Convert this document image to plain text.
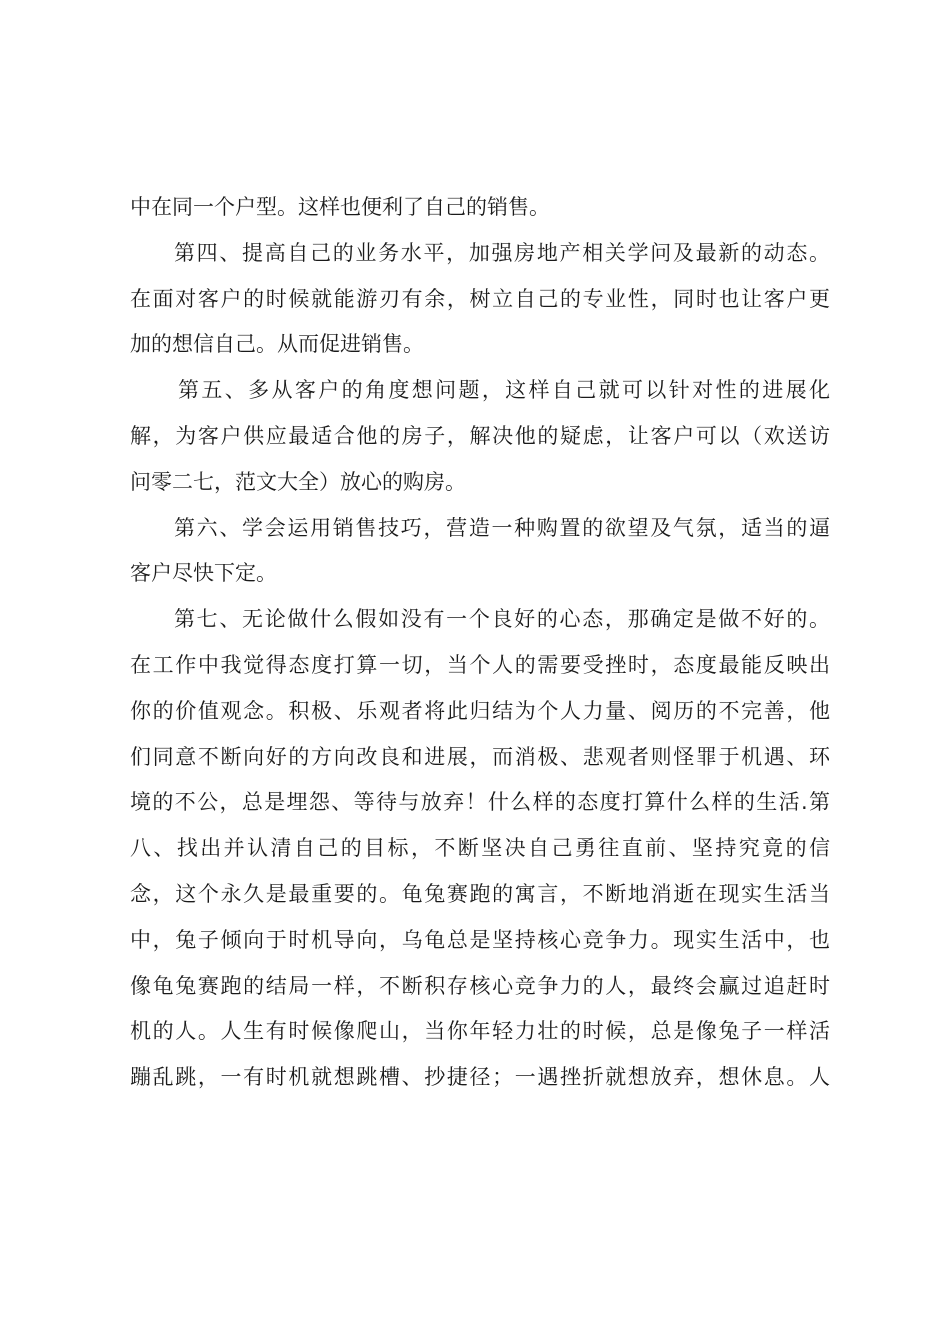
中在同一个户型。这样也便利了自己的销售。
第四、提高自己的业务水平，加强房地产相关学问及最新的动态。
在面对客户的时候就能游刃有余，树立自己的专业性，同时也让客户更
加的想信自己。从而促进销售。
第五、多从客户的角度想问题，这样自己就可以针对性的进展化
解，为客户供应最适合他的房子，解决他的疑虑，让客户可以（欢送访
问零二七，范文大全）放心的购房。
第六、学会运用销售技巧，营造一种购置的欲望及气氛，适当的逼
客户尽快下定。
第七、无论做什么假如没有一个良好的心态，那确定是做不好的。
在工作中我觉得态度打算一切，当个人的需要受挫时，态度最能反映出
你的价值观念。积极、乐观者将此归结为个人力量、阅历的不完善，他
们同意不断向好的方向改良和进展，而消极、悲观者则怪罪于机遇、环
境的不公，总是埋怨、等待与放弃！什么样的态度打算什么样的生活.第
八、找出并认清自己的目标，不断坚决自己勇往直前、坚持究竟的信
念，这个永久是最重要的。龟兔赛跑的寓言，不断地消逝在现实生活当
中，兔子倾向于时机导向，乌龟总是坚持核心竞争力。现实生活中，也
像龟兔赛跑的结局一样，不断积存核心竞争力的人，最终会赢过追赶时
机的人。人生有时候像爬山，当你年轻力壮的时候，总是像兔子一样活
蹦乱跳，一有时机就想跳槽、抄捷径；一遇挫折就想放弃，想休息。人
